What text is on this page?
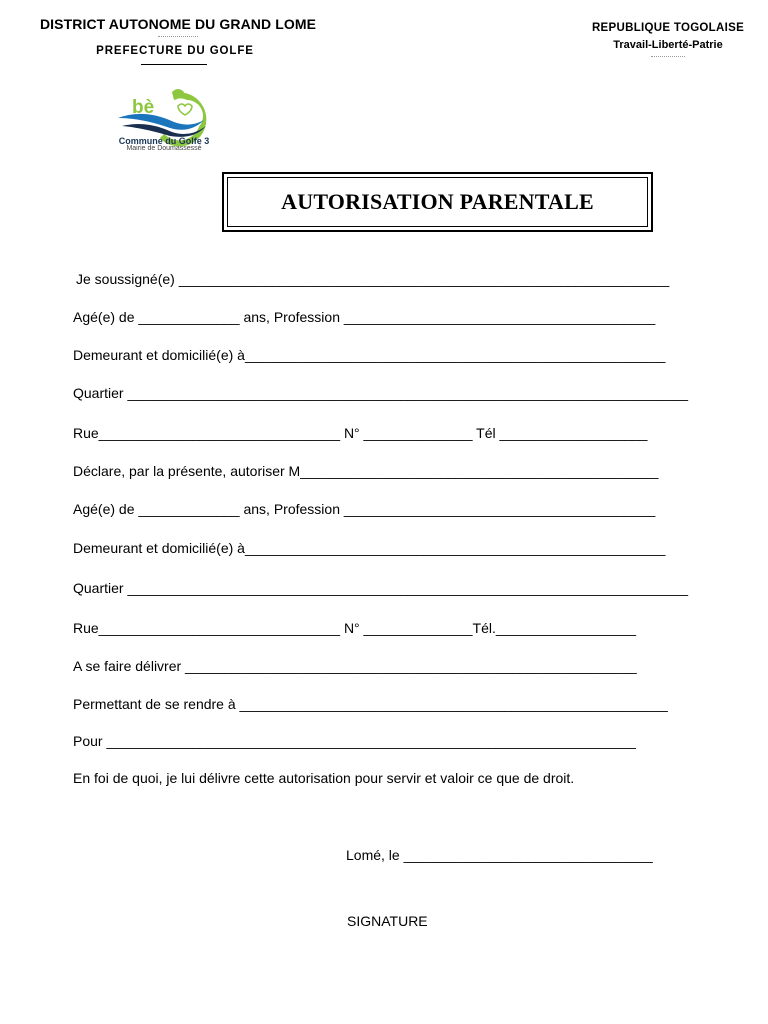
DISTRICT AUTONOME DU GRAND LOME
PREFECTURE DU GOLFE
REPUBLIQUE TOGOLAISE
Travail-Liberté-Patrie
bè
Commune du Golfe 3
Mairie de Doumassessé
AUTORISATION PARENTALE
Je soussigné(e) _______________________________________________________________
Agé(e) de _____________ ans, Profession ________________________________________
Demeurant et domicilié(e) à______________________________________________________
Quartier ________________________________________________________________________
Rue_______________________________ N° ______________ Tél ___________________
Déclare, par la présente, autoriser M______________________________________________
Agé(e) de _____________ ans, Profession ________________________________________
Demeurant et domicilié(e) à______________________________________________________
Quartier ________________________________________________________________________
Rue_______________________________ N° ______________Tél.__________________
A se faire délivrer __________________________________________________________
Permettant de se rendre à _______________________________________________________
Pour ____________________________________________________________________
En foi de quoi, je lui délivre cette autorisation pour servir et valoir ce que de droit.
Lomé, le ________________________________
SIGNATURE
